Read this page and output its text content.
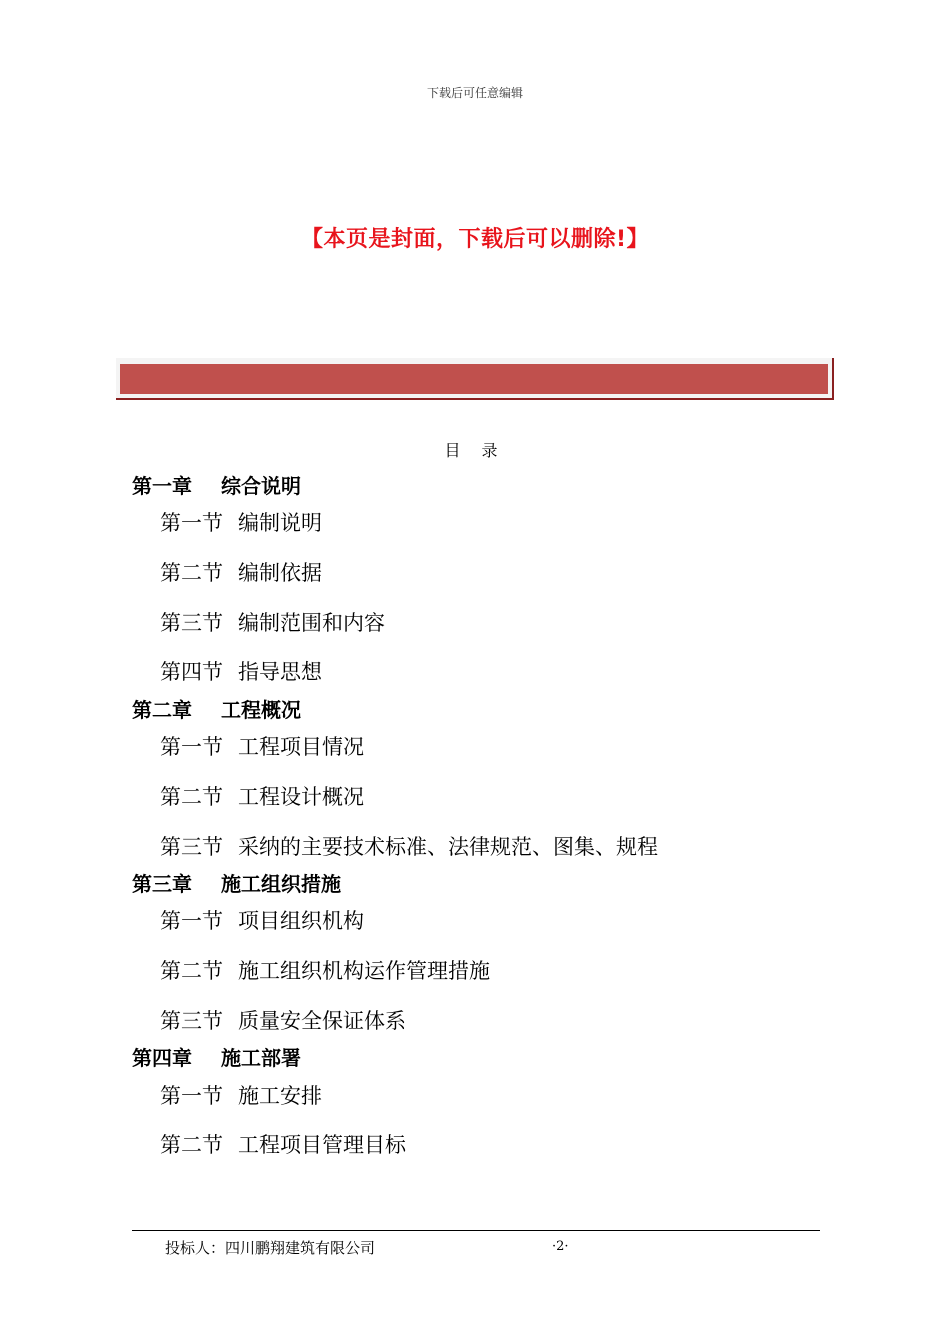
下载后可任意编辑
【本页是封面，下载后可以删除!】
目 录
第一章 综合说明
第一节 编制说明
第二节 编制依据
第三节 编制范围和内容
第四节 指导思想
第二章 工程概况
第一节 工程项目情况
第二节 工程设计概况
第三节 采纳的主要技术标准、法律规范、图集、规程
第三章 施工组织措施
第一节 项目组织机构
第二节 施工组织机构运作管理措施
第三节 质量安全保证体系
第四章 施工部署
第一节 施工安排
第二节 工程项目管理目标
投标人：四川鹏翔建筑有限公司	·2·
